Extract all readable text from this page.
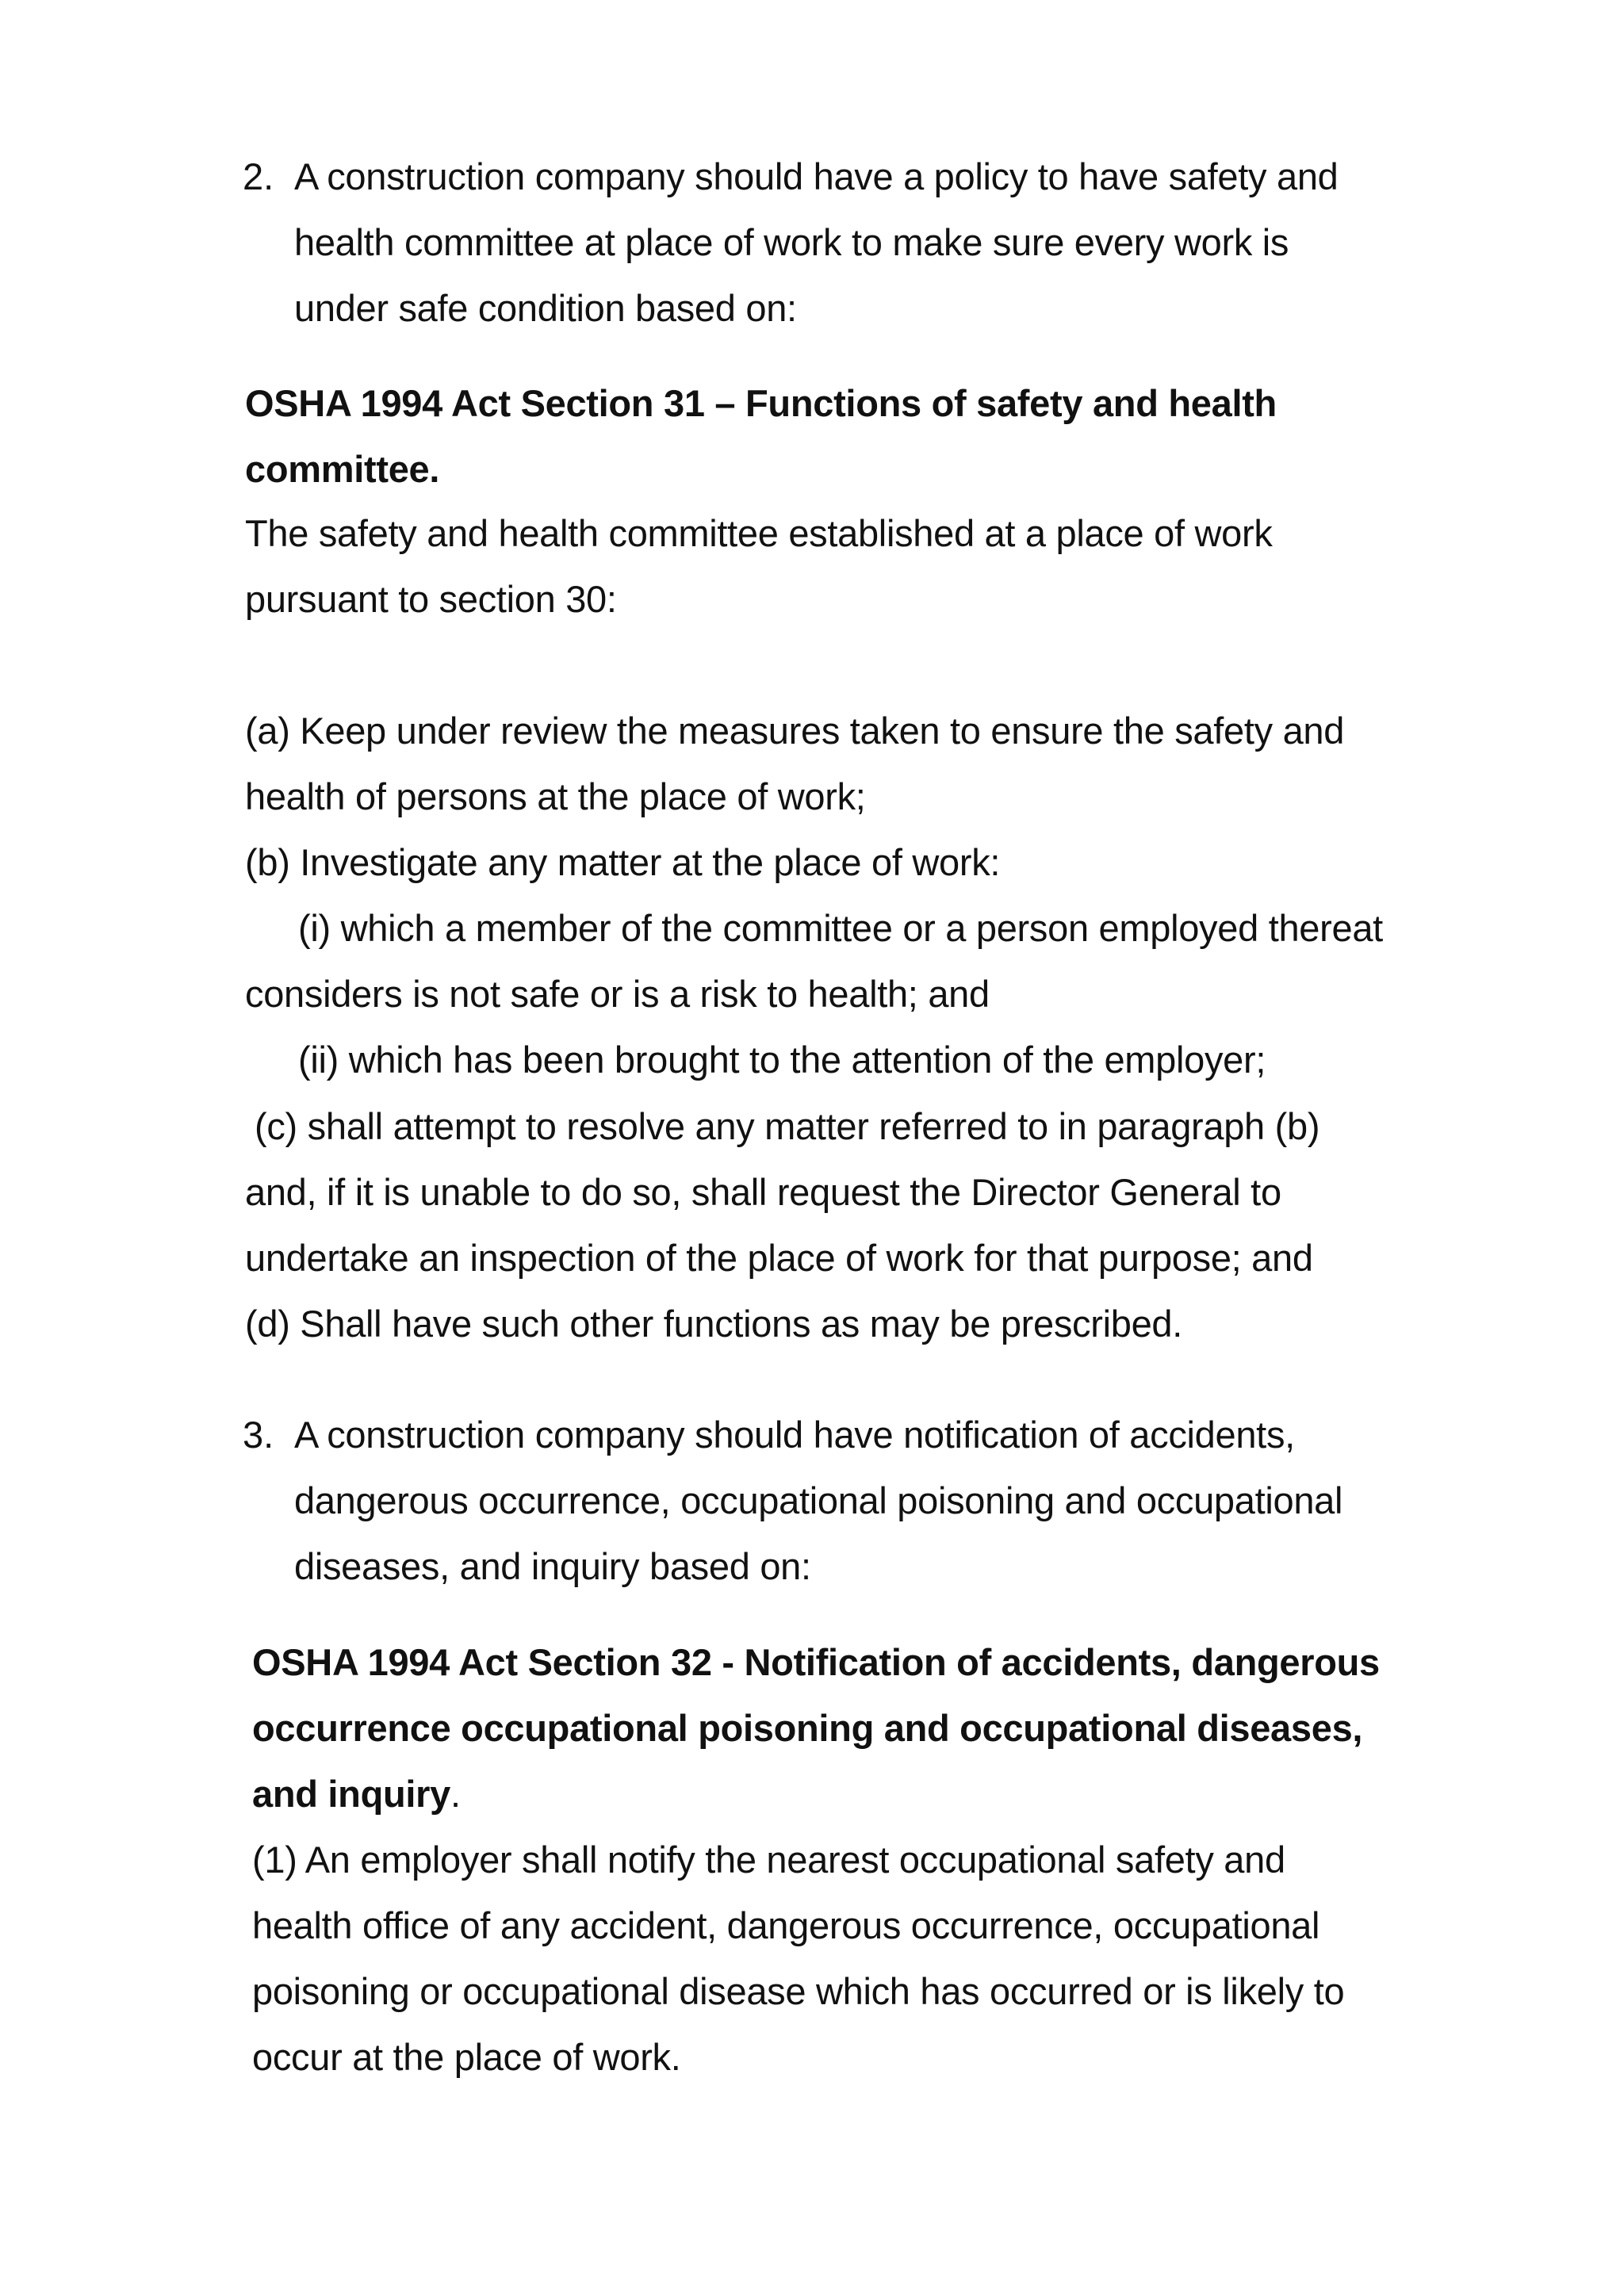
2. A construction company should have a policy to have safety and
health committee at place of work to make sure every work is
under safe condition based on:
OSHA 1994 Act Section 31 – Functions of safety and health
committee.
The safety and health committee established at a place of work
pursuant to section 30:
(a) Keep under review the measures taken to ensure the safety and
health of persons at the place of work;
(b) Investigate any matter at the place of work:
(i) which a member of the committee or a person employed thereat
considers is not safe or is a risk to health; and
(ii) which has been brought to the attention of the employer;
(c) shall attempt to resolve any matter referred to in paragraph (b)
and, if it is unable to do so, shall request the Director General to
undertake an inspection of the place of work for that purpose; and
(d) Shall have such other functions as may be prescribed.
3. A construction company should have notification of accidents,
dangerous occurrence, occupational poisoning and occupational
diseases, and inquiry based on:
OSHA 1994 Act Section 32 - Notification of accidents, dangerous
occurrence occupational poisoning and occupational diseases,
and inquiry.
(1) An employer shall notify the nearest occupational safety and
health office of any accident, dangerous occurrence, occupational
poisoning or occupational disease which has occurred or is likely to
occur at the place of work.
